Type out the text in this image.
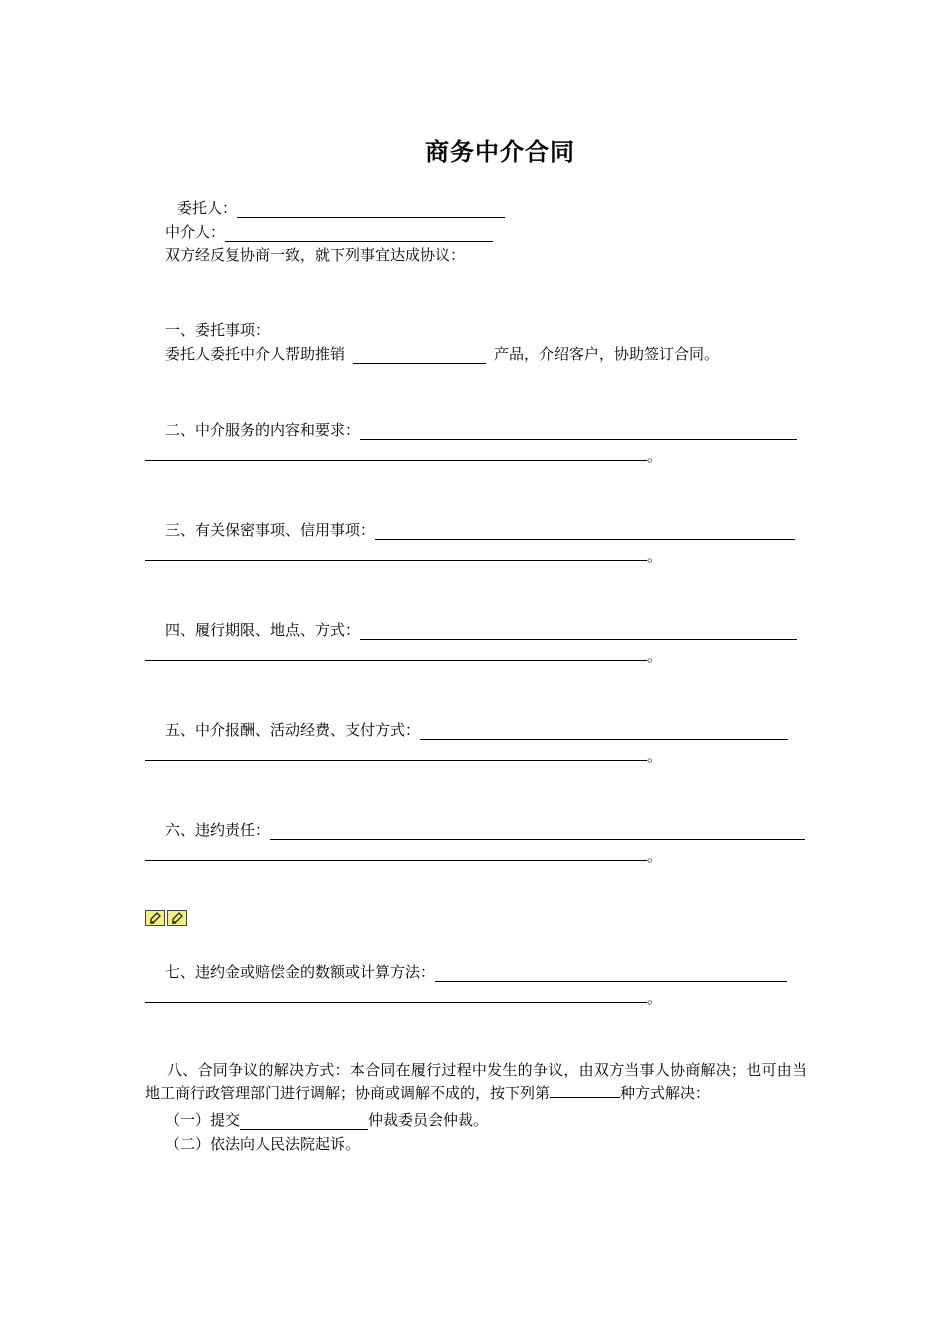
商务中介合同
委托人：
中介人：
双方经反复协商一致，就下列事宜达成协议：
一、委托事项：
委托人委托中介人帮助推销	产品，介绍客户，协助签订合同。
二、中介服务的内容和要求：
。
三、有关保密事项、信用事项：
。
四、履行期限、地点、方式：
。
五、中介报酬、活动经费、支付方式：
。
六、违约责任：
。
七、违约金或赔偿金的数额或计算方法：
。
八、合同争议的解决方式：本合同在履行过程中发生的争议，由双方当事人协商解决；也可由当地工商行政管理部门进行调解；协商或调解不成的，按下列第	种方式解决：
（一）提交	仲裁委员会仲裁。
（二）依法向人民法院起诉。
